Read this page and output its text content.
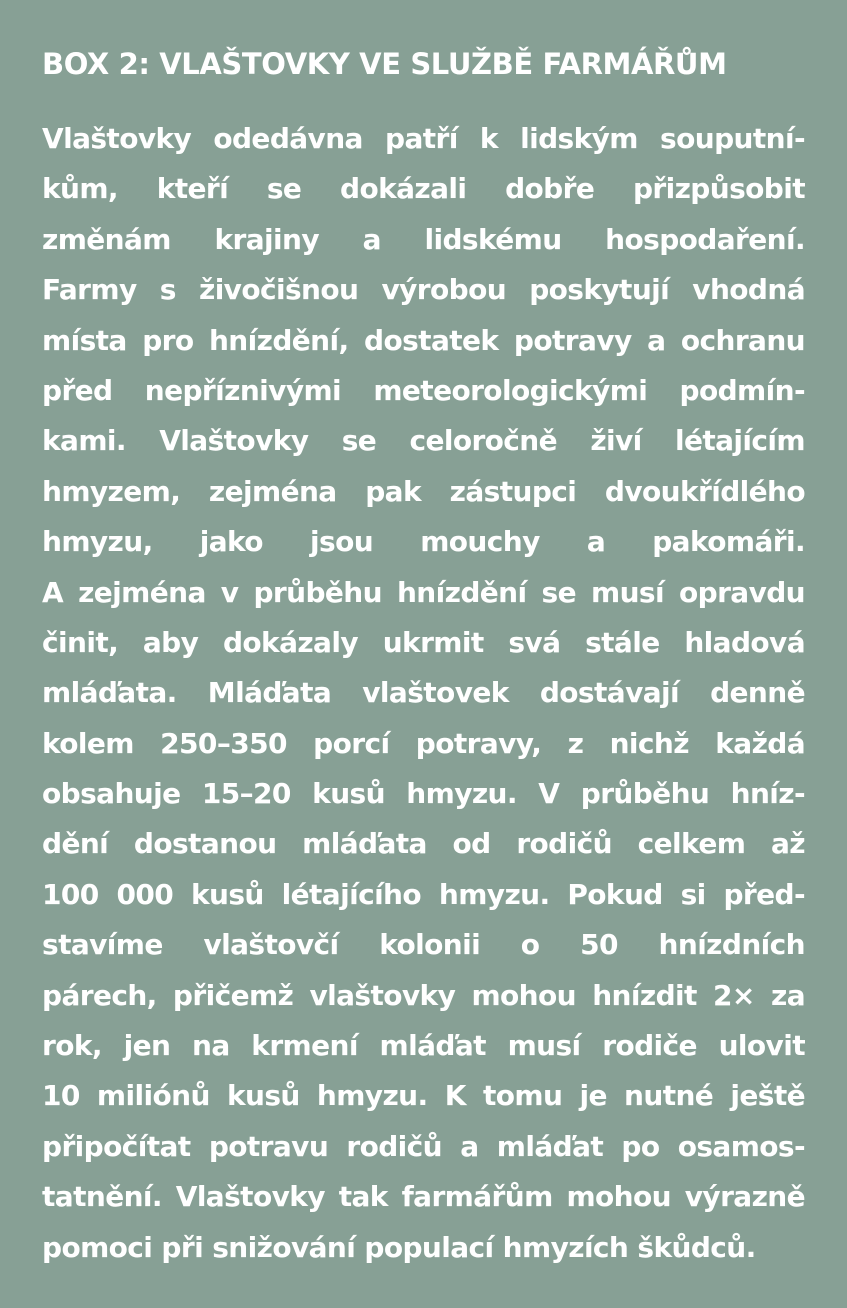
BOX 2: VLAŠTOVKY VE SLUŽBĚ FARMÁŘŮM

Vlaštovky odedávna patří k lidským souputní-
kům, kteří se dokázali dobře přizpůsobit
změnám krajiny a lidskému hospodaření.
Farmy s živočišnou výrobou poskytují vhodná
místa pro hnízdění, dostatek potravy a ochranu
před nepříznivými meteorologickými podmín-
kami. Vlaštovky se celoročně živí létajícím
hmyzem, zejména pak zástupci dvoukřídlého
hmyzu, jako jsou mouchy a pakomáři.
A zejména v průběhu hnízdění se musí opravdu
činit, aby dokázaly ukrmit svá stále hladová
mláďata. Mláďata vlaštovek dostávají denně
kolem 250–350 porcí potravy, z nichž každá
obsahuje 15–20 kusů hmyzu. V průběhu hníz-
dění dostanou mláďata od rodičů celkem až
100 000 kusů létajícího hmyzu. Pokud si před-
stavíme vlaštovčí kolonii o 50 hnízdních
párech, přičemž vlaštovky mohou hnízdit 2× za
rok, jen na krmení mláďat musí rodiče ulovit
10 miliónů kusů hmyzu. K tomu je nutné ještě
připočítat potravu rodičů a mláďat po osamos-
tatnění. Vlaštovky tak farmářům mohou výrazně
pomoci při snižování populací hmyzích škůdců.
